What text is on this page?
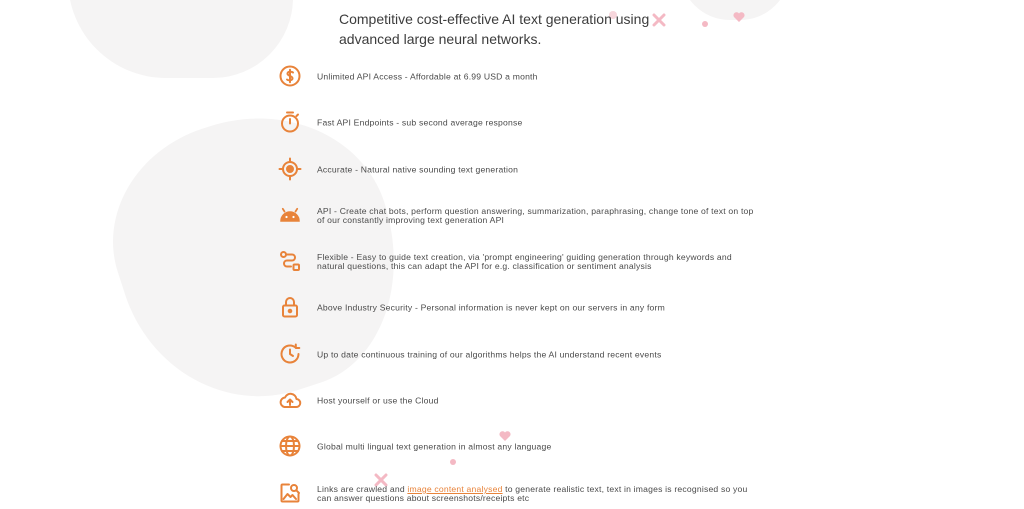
Competitive cost-effective AI text generation using advanced large neural networks.
Unlimited API Access - Affordable at 6.99 USD a month
Fast API Endpoints - sub second average response
Accurate - Natural native sounding text generation
API - Create chat bots, perform question answering, summarization, paraphrasing, change tone of text on top of our constantly improving text generation API
Flexible - Easy to guide text creation, via 'prompt engineering' guiding generation through keywords and natural questions, this can adapt the API for e.g. classification or sentiment analysis
Above Industry Security - Personal information is never kept on our servers in any form
Up to date continuous training of our algorithms helps the AI understand recent events
Host yourself or use the Cloud
Global multi lingual text generation in almost any language
Links are crawled and image content analysed to generate realistic text, text in images is recognised so you can answer questions about screenshots/receipts etc
